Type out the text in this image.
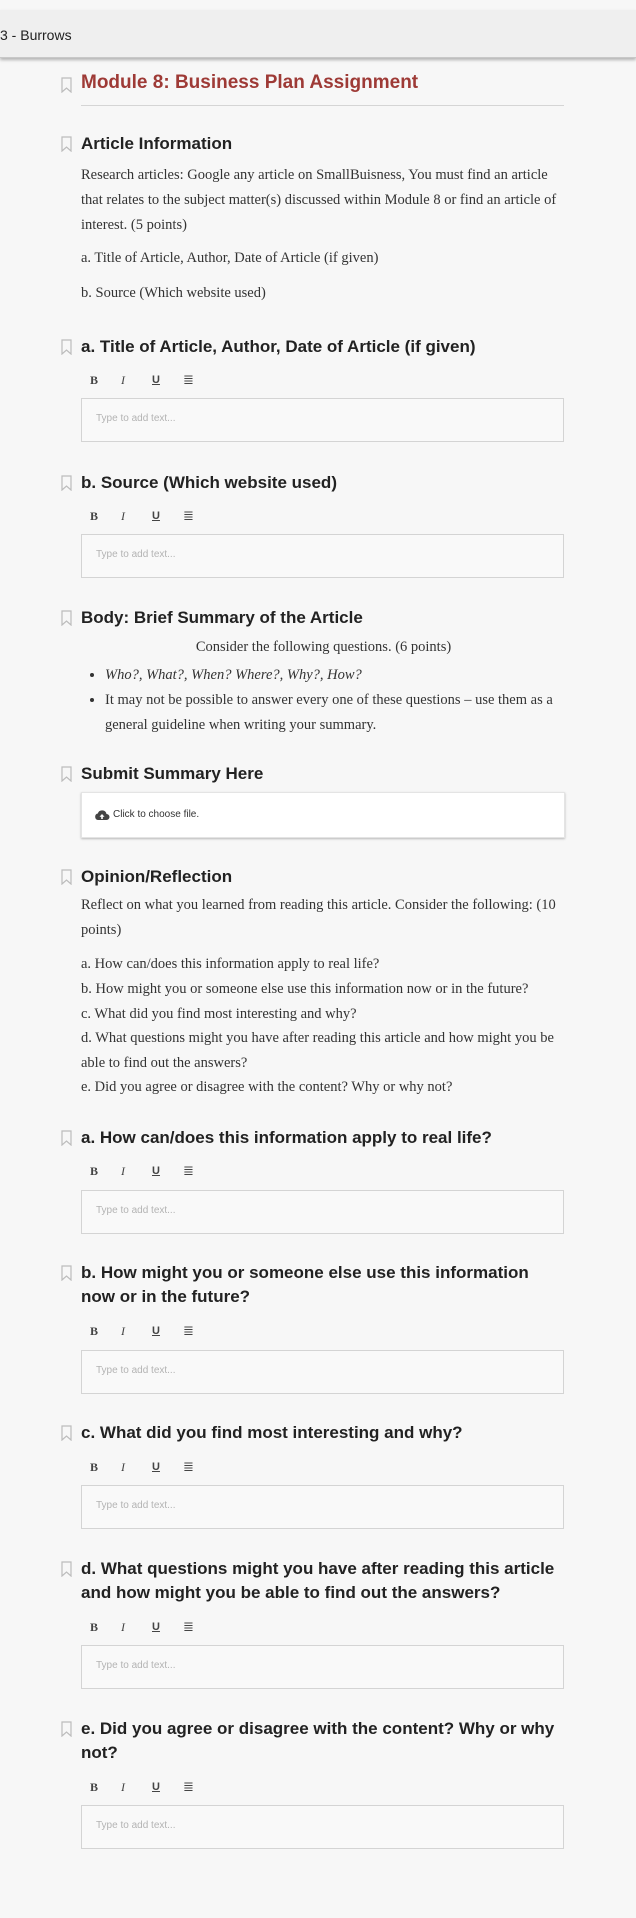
3 - Burrows
Module 8: Business Plan Assignment
Article Information
Research articles: Google any article on SmallBuisness, You must find an article that relates to the subject matter(s) discussed within Module 8 or find an article of interest. (5 points)
a. Title of Article, Author, Date of Article (if given)
b. Source (Which website used)
a. Title of Article, Author, Date of Article (if given)
B	I	U	≣
Type to add text...
b. Source (Which website used)
B	I	U	≣
Type to add text...
Body: Brief Summary of the Article
Consider the following questions. (6 points)
• Who?, What?, When? Where?, Why?, How?
• It may not be possible to answer every one of these questions – use them as a general guideline when writing your summary.
Submit Summary Here
Click to choose file.
Opinion/Reflection
Reflect on what you learned from reading this article. Consider the following: (10 points)
a. How can/does this information apply to real life?
b. How might you or someone else use this information now or in the future?
c. What did you find most interesting and why?
d. What questions might you have after reading this article and how might you be able to find out the answers?
e. Did you agree or disagree with the content? Why or why not?
a. How can/does this information apply to real life?
B	I	U	≣
Type to add text...
b. How might you or someone else use this information now or in the future?
B	I	U	≣
Type to add text...
c. What did you find most interesting and why?
B	I	U	≣
Type to add text...
d. What questions might you have after reading this article and how might you be able to find out the answers?
B	I	U	≣
Type to add text...
e. Did you agree or disagree with the content? Why or why not?
B	I	U	≣
Type to add text...
